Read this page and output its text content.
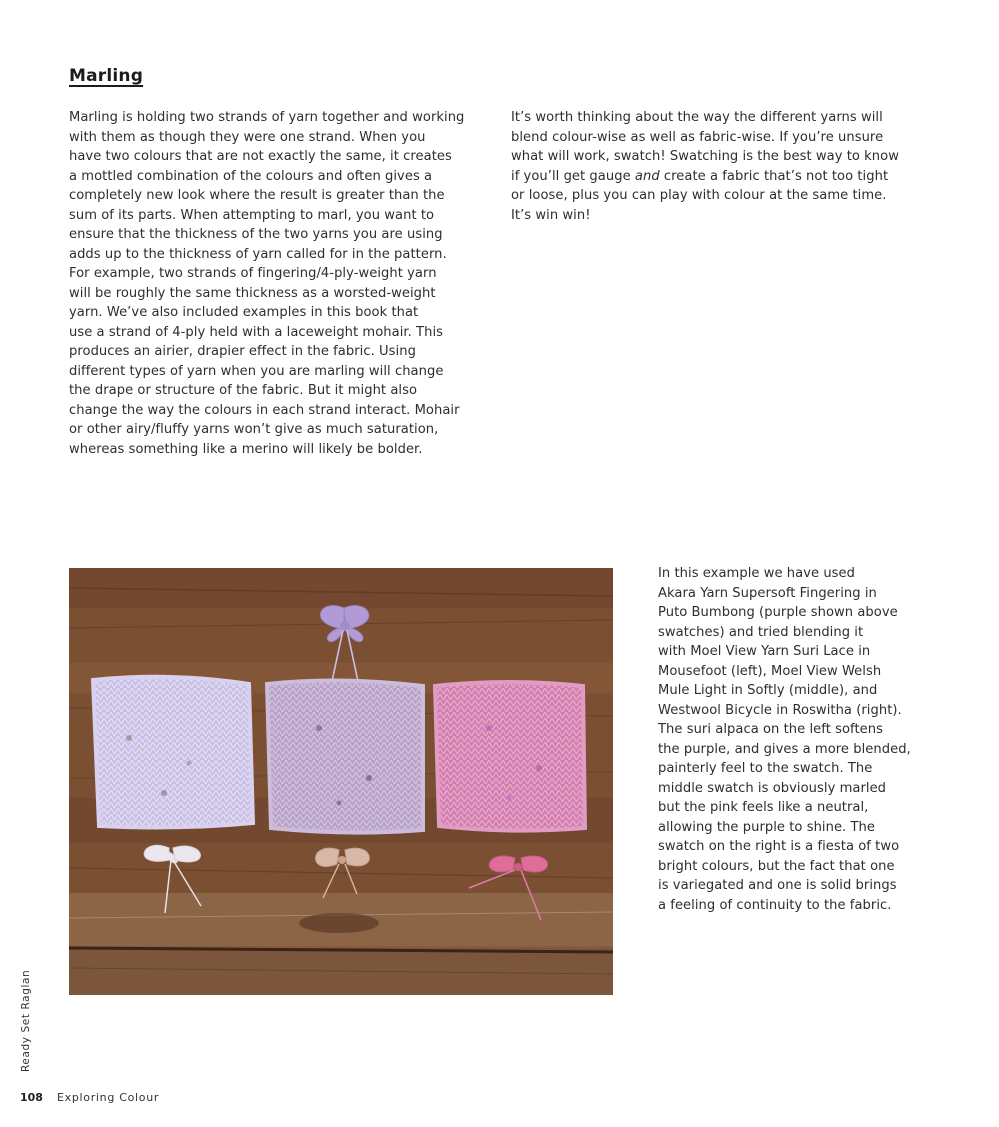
Marling

Marling is holding two strands of yarn together and working
with them as though they were one strand. When you
have two colours that are not exactly the same, it creates
a mottled combination of the colours and often gives a
completely new look where the result is greater than the
sum of its parts. When attempting to marl, you want to
ensure that the thickness of the two yarns you are using
adds up to the thickness of yarn called for in the pattern.
For example, two strands of fingering/4-ply-weight yarn
will be roughly the same thickness as a worsted-weight
yarn. We’ve also included examples in this book that
use a strand of 4-ply held with a laceweight mohair. This
produces an airier, drapier effect in the fabric. Using
different types of yarn when you are marling will change
the drape or structure of the fabric. But it might also
change the way the colours in each strand interact. Mohair
or other airy/fluffy yarns won’t give as much saturation,
whereas something like a merino will likely be bolder.

It’s worth thinking about the way the different yarns will
blend colour-wise as well as fabric-wise. If you’re unsure
what will work, swatch! Swatching is the best way to know
if you’ll get gauge and create a fabric that’s not too tight
or loose, plus you can play with colour at the same time.
It’s win win!

In this example we have used
Akara Yarn Supersoft Fingering in
Puto Bumbong (purple shown above
swatches) and tried blending it
with Moel View Yarn Suri Lace in
Mousefoot (left), Moel View Welsh
Mule Light in Softly (middle), and
Westwool Bicycle in Roswitha (right).
The suri alpaca on the left softens
the purple, and gives a more blended,
painterly feel to the swatch. The
middle swatch is obviously marled
but the pink feels like a neutral,
allowing the purple to shine. The
swatch on the right is a fiesta of two
bright colours, but the fact that one
is variegated and one is solid brings
a feeling of continuity to the fabric.

Ready Set Raglan
108 Exploring Colour
